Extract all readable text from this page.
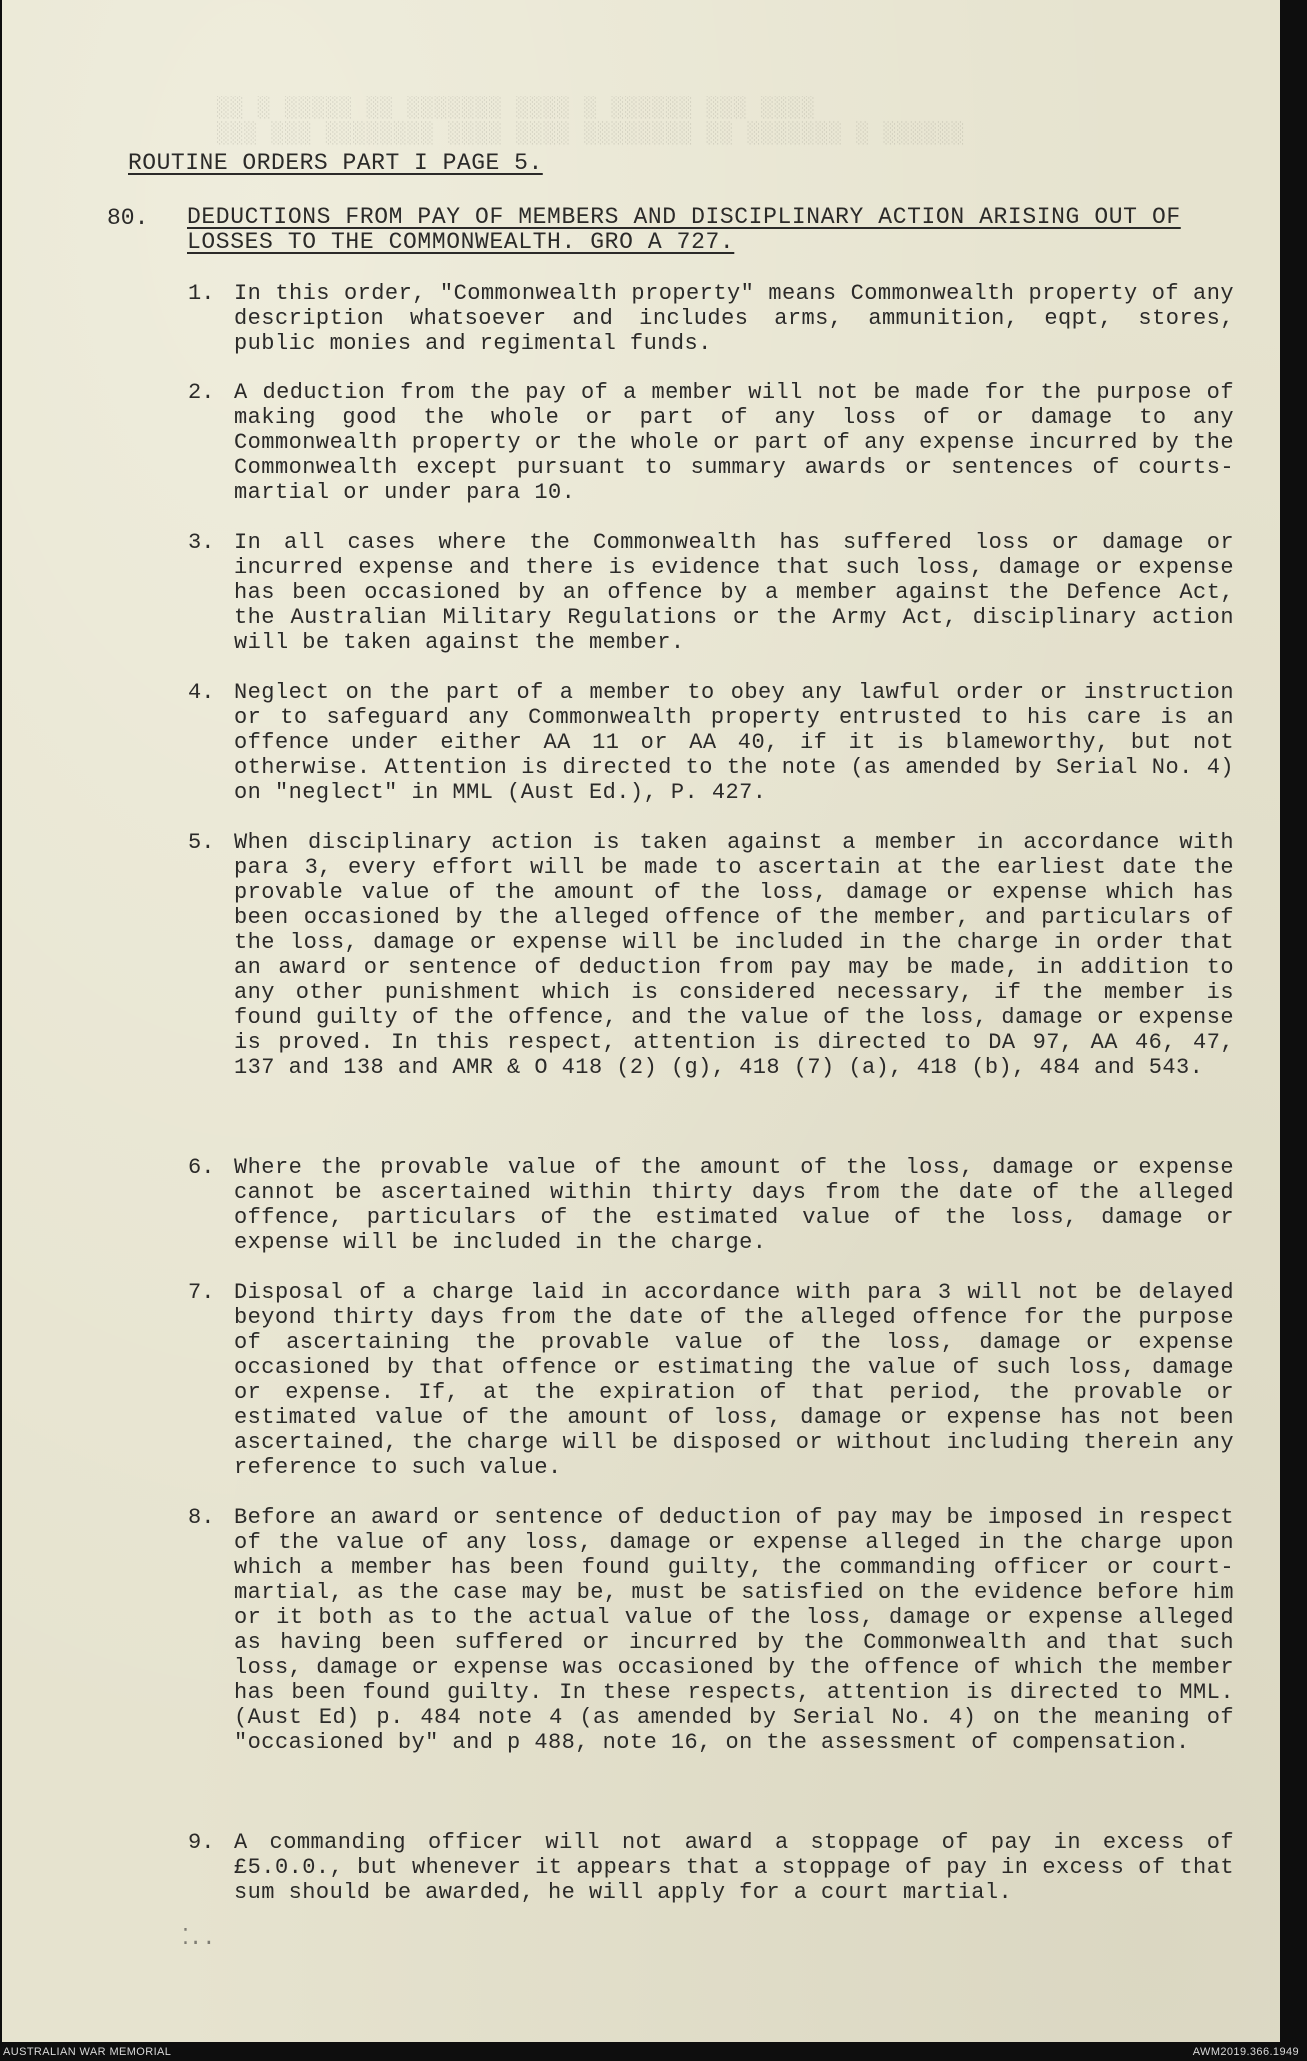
░░ ░ ░░░░░ ░░ ░░░░░░░ ░░░░ ░ ░░░░░░ ░░░ ░░░░
░░░ ░░░ ░░░░░░░░ ░░░░ ░░░░ ░░░░░░░░ ░░ ░░░░░░░ ░ ░░░░░░
ROUTINE ORDERS PART I PAGE 5.
80. DEDUCTIONS FROM PAY OF MEMBERS AND DISCIPLINARY ACTION ARISING OUT OF LOSSES TO THE COMMONWEALTH. GRO A 727.
1. In this order, "Commonwealth property" means Commonwealth property of any description whatsoever and includes arms, ammunition, eqpt, stores, public monies and regimental funds.
2. A deduction from the pay of a member will not be made for the purpose of making good the whole or part of any loss of or damage to any Commonwealth property or the whole or part of any expense incurred by the Commonwealth except pursuant to summary awards or sentences of courts-martial or under para 10.
3. In all cases where the Commonwealth has suffered loss or damage or incurred expense and there is evidence that such loss, damage or expense has been occasioned by an offence by a member against the Defence Act, the Australian Military Regulations or the Army Act, disciplinary action will be taken against the member.
4. Neglect on the part of a member to obey any lawful order or instruction or to safeguard any Commonwealth property entrusted to his care is an offence under either AA 11 or AA 40, if it is blameworthy, but not otherwise. Attention is directed to the note (as amended by Serial No. 4) on "neglect" in MML (Aust Ed.), P. 427.
5. When disciplinary action is taken against a member in accordance with para 3, every effort will be made to ascertain at the earliest date the provable value of the amount of the loss, damage or expense which has been occasioned by the alleged offence of the member, and particulars of the loss, damage or expense will be included in the charge in order that an award or sentence of deduction from pay may be made, in addition to any other punishment which is considered necessary, if the member is found guilty of the offence, and the value of the loss, damage or expense is proved. In this respect, attention is directed to DA 97, AA 46, 47, 137 and 138 and AMR & O 418 (2) (g), 418 (7) (a), 418 (b), 484 and 543.
6. Where the provable value of the amount of the loss, damage or expense cannot be ascertained within thirty days from the date of the alleged offence, particulars of the estimated value of the loss, damage or expense will be included in the charge.
7. Disposal of a charge laid in accordance with para 3 will not be delayed beyond thirty days from the date of the alleged offence for the purpose of ascertaining the provable value of the loss, damage or expense occasioned by that offence or estimating the value of such loss, damage or expense. If, at the expiration of that period, the provable or estimated value of the amount of loss, damage or expense has not been ascertained, the charge will be disposed or without including therein any reference to such value.
8. Before an award or sentence of deduction of pay may be imposed in respect of the value of any loss, damage or expense alleged in the charge upon which a member has been found guilty, the commanding officer or court-martial, as the case may be, must be satisfied on the evidence before him or it both as to the actual value of the loss, damage or expense alleged as having been suffered or incurred by the Commonwealth and that such loss, damage or expense was occasioned by the offence of which the member has been found guilty. In these respects, attention is directed to MML. (Aust Ed) p. 484 note 4 (as amended by Serial No. 4) on the meaning of "occasioned by" and p 488, note 16, on the assessment of compensation.
9. A commanding officer will not award a stoppage of pay in excess of £5.0.0., but whenever it appears that a stoppage of pay in excess of that sum should be awarded, he will apply for a court martial.
⁚..
AUSTRALIAN WAR MEMORIAL	AWM2019.366.1949
